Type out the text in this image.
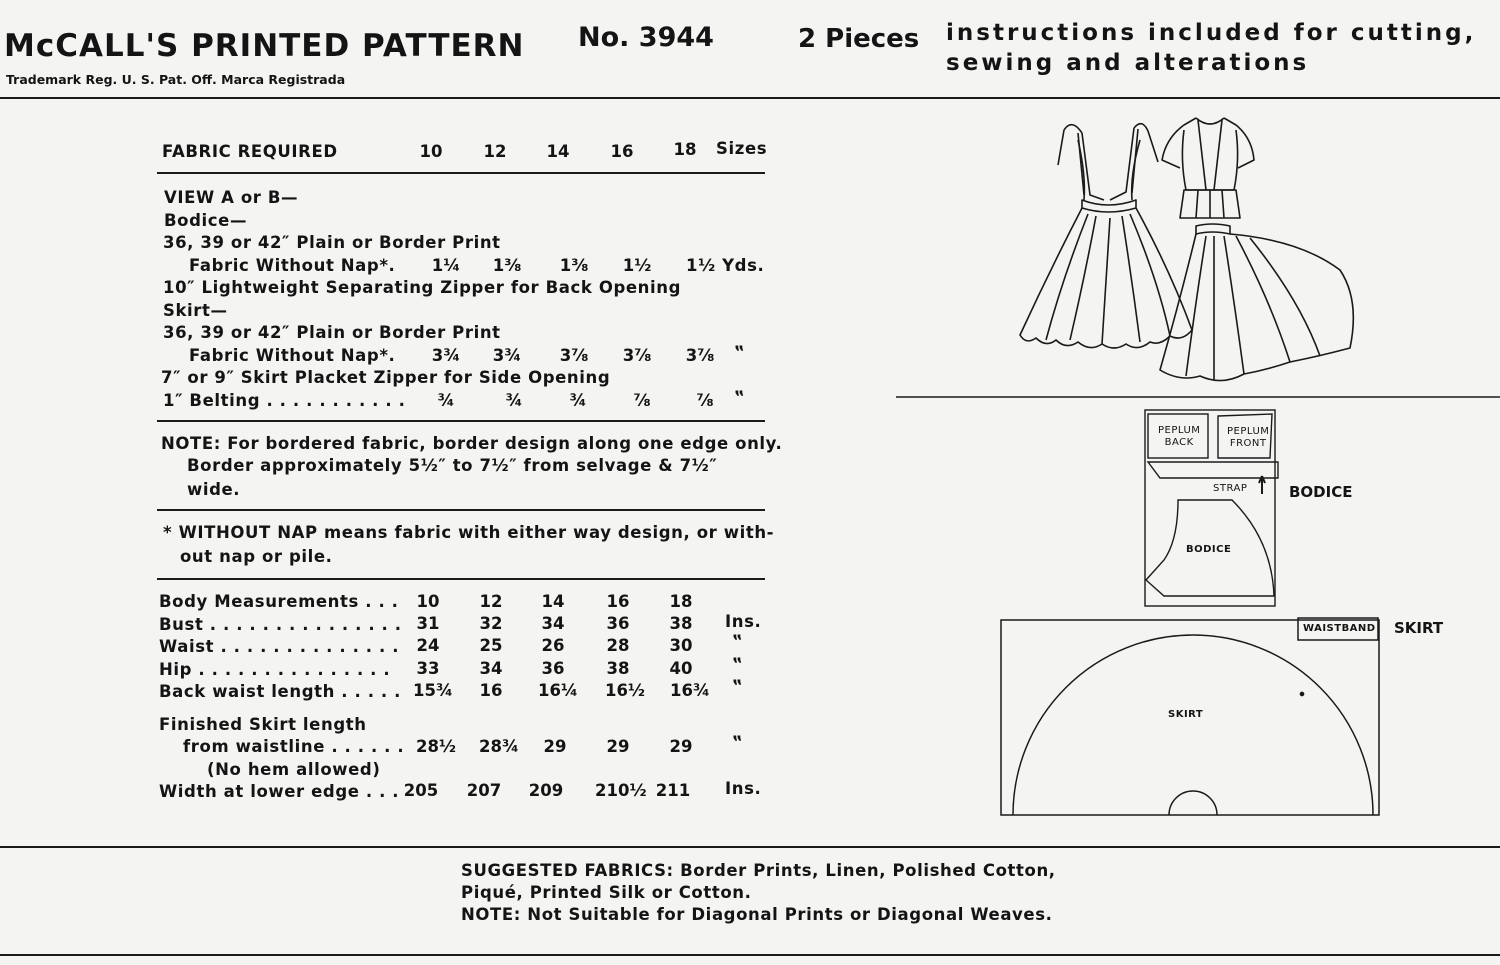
McCALL'S PRINTED PATTERN
Trademark Reg. U. S. Pat. Off. Marca Registrada
No. 3944	2 Pieces instructions included for cutting,
sewing and alterations
FABRIC REQUIRED	10	12	14	16	18	Sizes
VIEW A or B—
Bodice—
36, 39 or 42″ Plain or Border Print
Fabric Without Nap*.	1¼	1⅜	1⅜	1½	1½ Yds.
10″ Lightweight Separating Zipper for Back Opening
Skirt—
36, 39 or 42″ Plain or Border Print
Fabric Without Nap*.	3¾	3¾	3⅞	3⅞	3⅞	‟
7″ or 9″ Skirt Placket Zipper for Side Opening
1″ Belting . . . . . . . . . . .	¾	¾	¾	⅞	⅞	‟
NOTE: For bordered fabric, border design along one edge only.
Border approximately 5½″ to 7½″ from selvage & 7½″
wide.
* WITHOUT NAP means fabric with either way design, or with-
out nap or pile.
Body Measurements . . .	10	12	14	16	18
Bust . . . . . . . . . . . . . . . 31	32	34	36	38	Ins.
Waist . . . . . . . . . . . . . .	24	25	26	28	30	‟
Hip . . . . . . . . . . . . . . .	33	34	36	38	40	‟
Back waist length . . . . . 15¾	16	16¼	16½	16¾	‟
Finished Skirt length
from waistline . . . . . . 28½	28¾	29	29	29	‟
(No hem allowed)
Width at lower edge . . . 205	207	209	210½ 211	Ins.
PEPLUM
BACK
PEPLUM
FRONT
STRAP
BODICE
BODICE
WAISTBAND SKIRT
SKIRT
SUGGESTED FABRICS: Border Prints, Linen, Polished Cotton,
Piqué, Printed Silk or Cotton.
NOTE: Not Suitable for Diagonal Prints or Diagonal Weaves.
